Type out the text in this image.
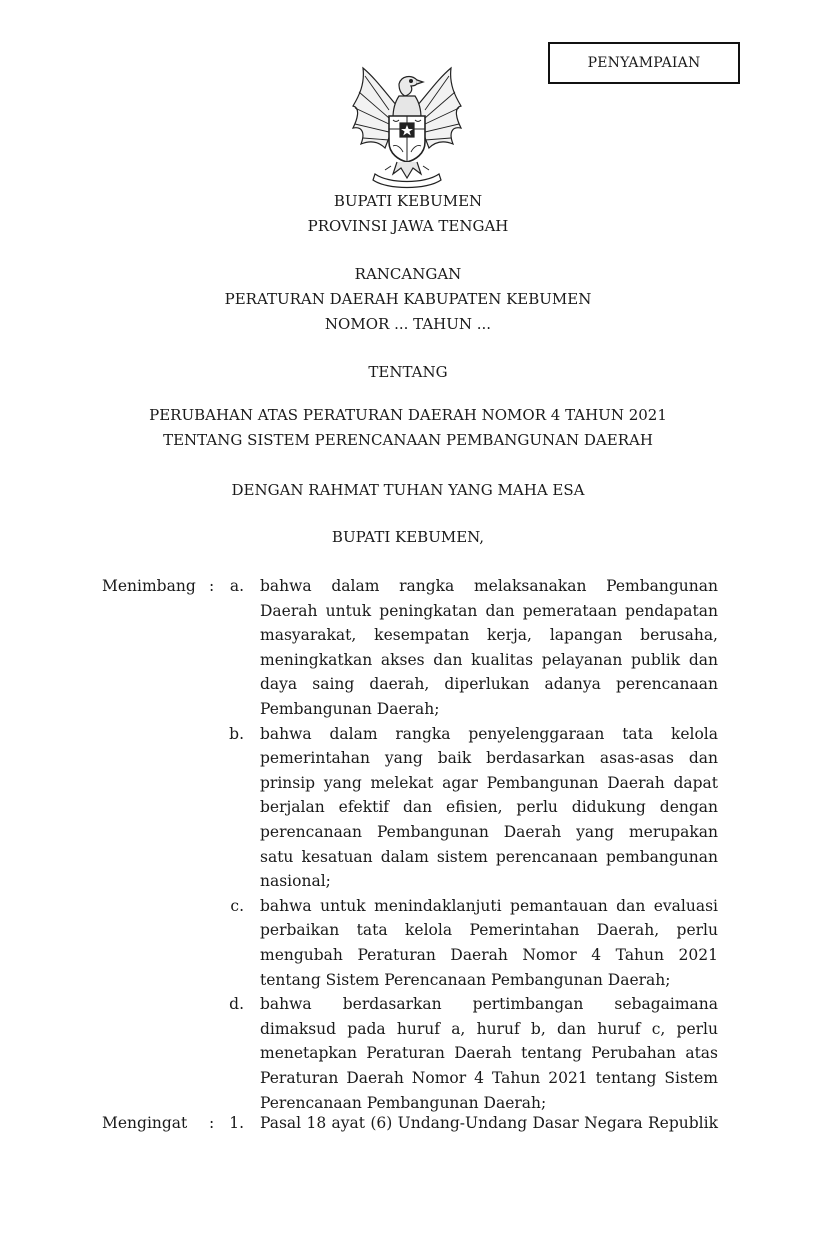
PENYAMPAIAN
BUPATI KEBUMEN
PROVINSI JAWA TENGAH
RANCANGAN
PERATURAN DAERAH KABUPATEN KEBUMEN
NOMOR ... TAHUN ...
TENTANG
PERUBAHAN ATAS PERATURAN DAERAH NOMOR 4 TAHUN 2021
TENTANG SISTEM PERENCANAAN PEMBANGUNAN DAERAH
DENGAN RAHMAT TUHAN YANG MAHA ESA
BUPATI KEBUMEN,
Menimbang :	a. bahwa dalam rangka melaksanakan Pembangunan
Daerah untuk peningkatan dan pemerataan pendapatan
masyarakat, kesempatan kerja, lapangan berusaha,
meningkatkan akses dan kualitas pelayanan publik dan
daya saing daerah, diperlukan adanya perencanaan
Pembangunan Daerah;
b. bahwa dalam rangka penyelenggaraan tata kelola
pemerintahan yang baik berdasarkan asas-asas dan
prinsip yang melekat agar Pembangunan Daerah dapat
berjalan efektif dan efisien, perlu didukung dengan
perencanaan Pembangunan Daerah yang merupakan
satu kesatuan dalam sistem perencanaan pembangunan
nasional;
c. bahwa untuk menindaklanjuti pemantauan dan evaluasi
perbaikan tata kelola Pemerintahan Daerah, perlu
mengubah Peraturan Daerah Nomor 4 Tahun 2021
tentang Sistem Perencanaan Pembangunan Daerah;
d. bahwa berdasarkan pertimbangan sebagaimana
dimaksud pada huruf a, huruf b, dan huruf c, perlu
menetapkan Peraturan Daerah tentang Perubahan atas
Peraturan Daerah Nomor 4 Tahun 2021 tentang Sistem
Perencanaan Pembangunan Daerah;
Mengingat : 1. Pasal 18 ayat (6) Undang-Undang Dasar Negara Republik
